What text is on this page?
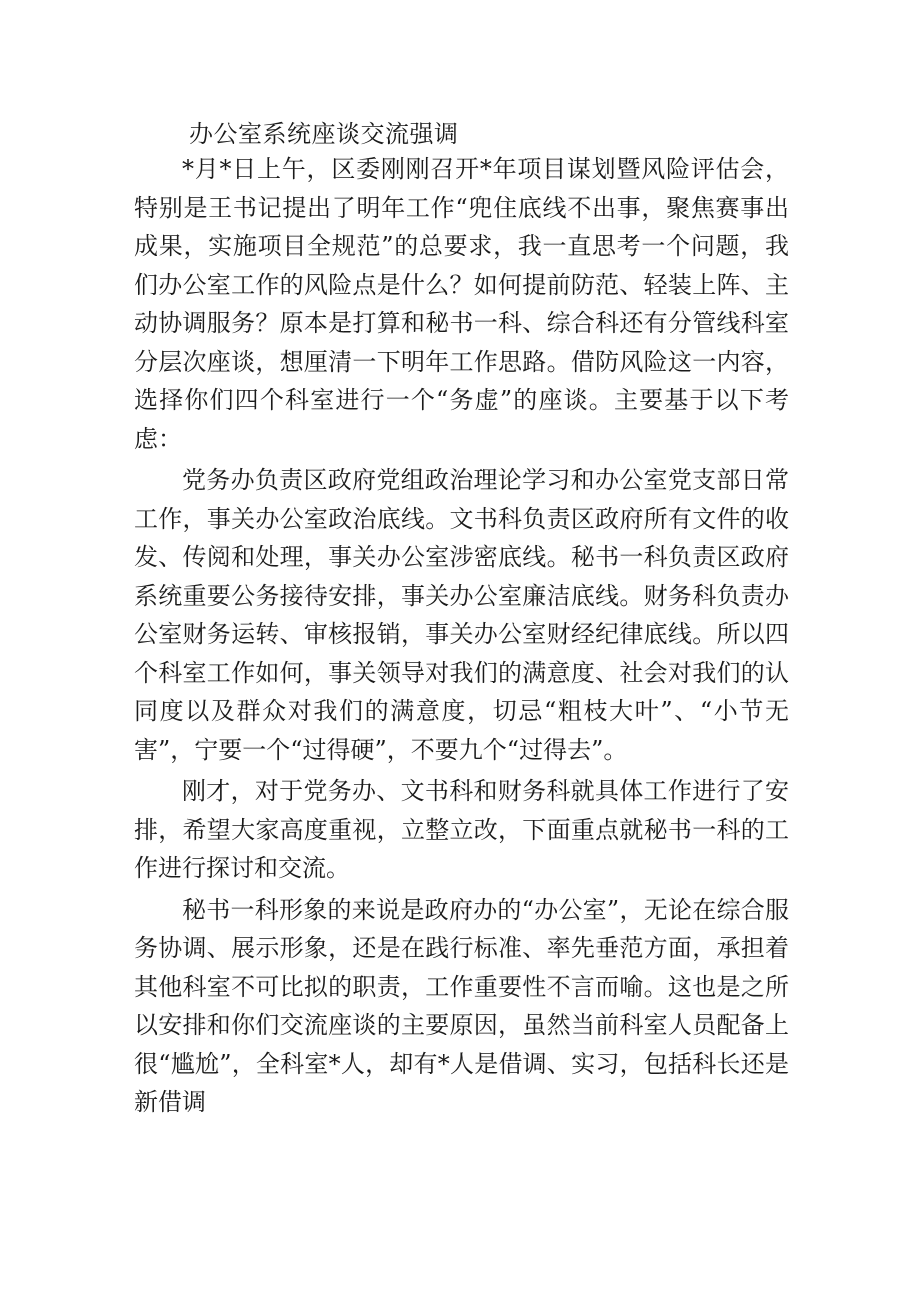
办公室系统座谈交流强调

*月*日上午，区委刚刚召开*年项目谋划暨风险评估会，特别是王书记提出了明年工作“兜住底线不出事，聚焦赛事出成果，实施项目全规范”的总要求，我一直思考一个问题，我们办公室工作的风险点是什么？如何提前防范、轻装上阵、主动协调服务？原本是打算和秘书一科、综合科还有分管线科室分层次座谈，想厘清一下明年工作思路。借防风险这一内容，选择你们四个科室进行一个“务虚”的座谈。主要基于以下考虑：

党务办负责区政府党组政治理论学习和办公室党支部日常工作，事关办公室政治底线。文书科负责区政府所有文件的收发、传阅和处理，事关办公室涉密底线。秘书一科负责区政府系统重要公务接待安排，事关办公室廉洁底线。财务科负责办公室财务运转、审核报销，事关办公室财经纪律底线。所以四个科室工作如何，事关领导对我们的满意度、社会对我们的认同度以及群众对我们的满意度，切忌“粗枝大叶”、“小节无害”，宁要一个“过得硬”，不要九个“过得去”。

刚才，对于党务办、文书科和财务科就具体工作进行了安排，希望大家高度重视，立整立改，下面重点就秘书一科的工作进行探讨和交流。

秘书一科形象的来说是政府办的“办公室”，无论在综合服务协调、展示形象，还是在践行标准、率先垂范方面，承担着其他科室不可比拟的职责，工作重要性不言而喻。这也是之所以安排和你们交流座谈的主要原因，虽然当前科室人员配备上很“尴尬”，全科室*人，却有*人是借调、实习，包括科长还是新借调
